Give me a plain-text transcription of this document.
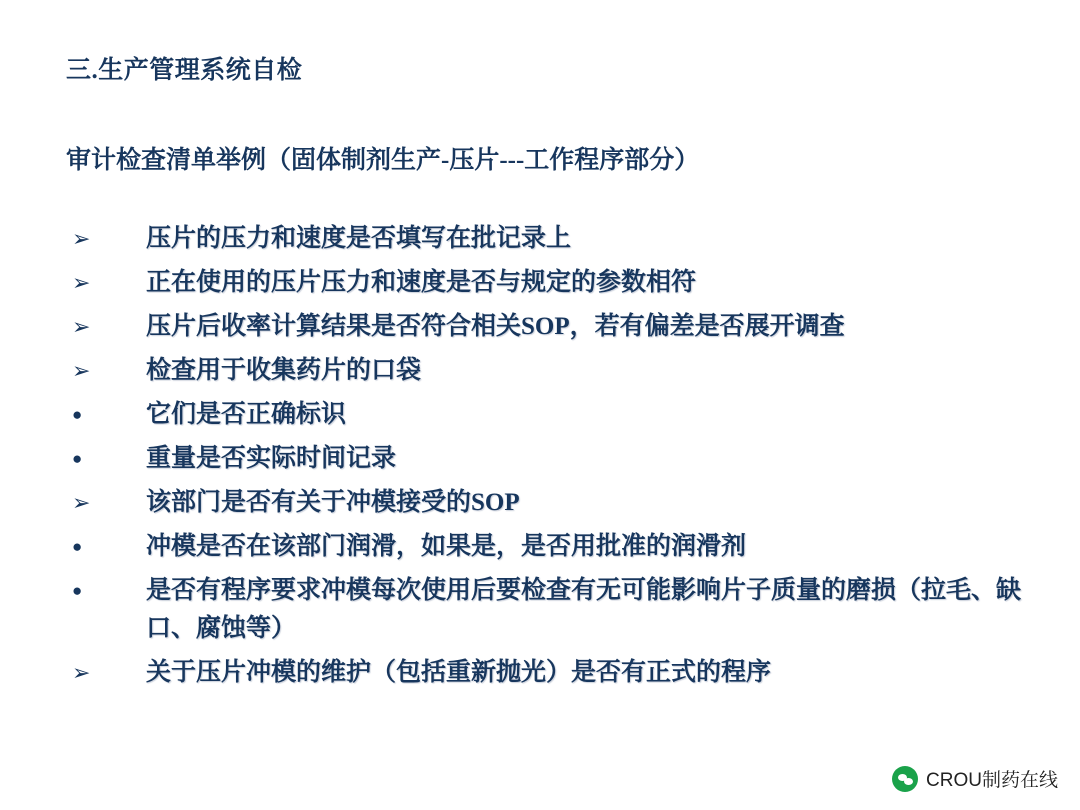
三.生产管理系统自检
审计检查清单举例（固体制剂生产-压片---工作程序部分）
➢	压片的压力和速度是否填写在批记录上
➢	正在使用的压片压力和速度是否与规定的参数相符
➢	压片后收率计算结果是否符合相关SOP，若有偏差是否展开调查
➢	检查用于收集药片的口袋
●	它们是否正确标识
●	重量是否实际时间记录
➢	该部门是否有关于冲模接受的SOP
●	冲模是否在该部门润滑，如果是，是否用批准的润滑剂
●	是否有程序要求冲模每次使用后要检查有无可能影响片子质量的磨损（拉毛、缺口、腐蚀等）
➢	关于压片冲模的维护（包括重新抛光）是否有正式的程序
CROU制药在线
